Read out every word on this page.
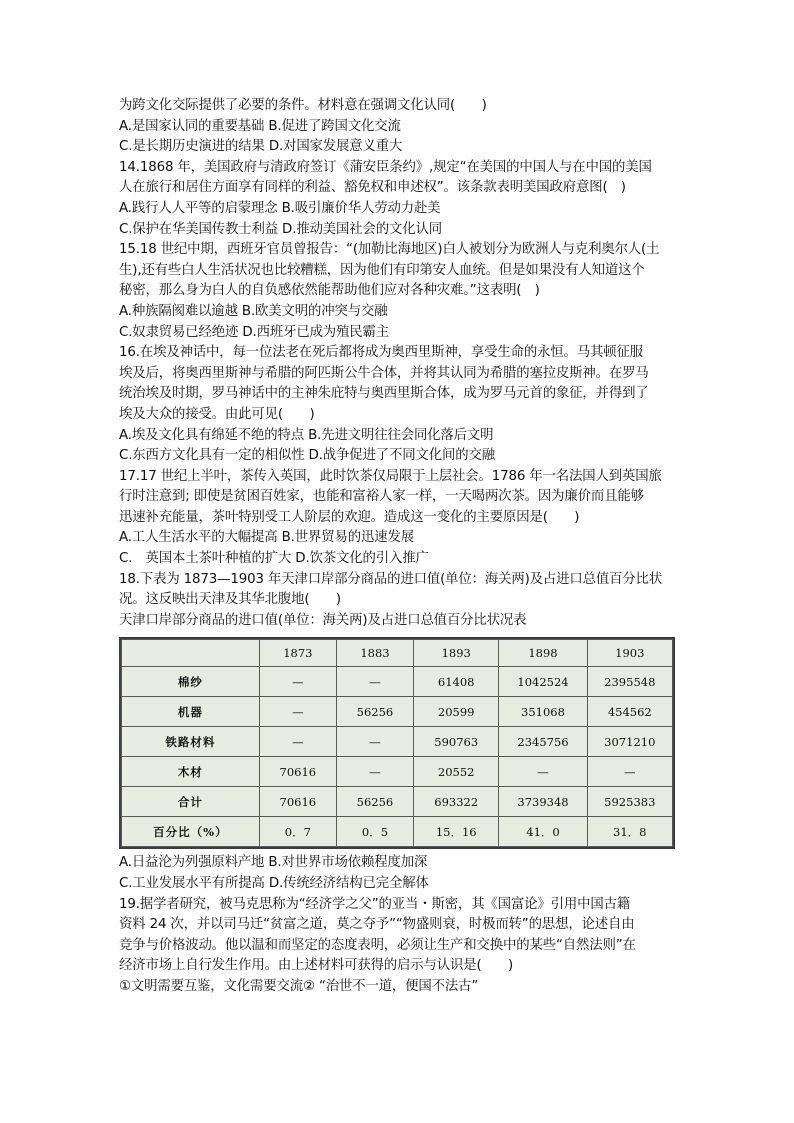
为跨文化交际提供了必要的条件。材料意在强调文化认同(　　)
A.是国家认同的重要基础 B.促进了跨国文化交流
C.是长期历史演进的结果 D.对国家发展意义重大
14.1868 年，美国政府与清政府签订《蒲安臣条约》,规定“在美国的中国人与在中国的美国
人在旅行和居住方面享有同样的利益、豁免权和申述权”。该条款表明美国政府意图(　)
A.践行人人平等的启蒙理念 B.吸引廉价华人劳动力赴美
C.保护在华美国传教士利益 D.推动美国社会的文化认同
15.18 世纪中期，西班牙官员曾报告：“(加勒比海地区)白人被划分为欧洲人与克利奥尔人(土
生),还有些白人生活状况也比较糟糕，因为他们有印第安人血统。但是如果没有人知道这个
秘密，那么身为白人的自负感依然能帮助他们应对各种灾难。”这表明(　)
A.种族隔阂难以逾越 B.欧美文明的冲突与交融
C.奴隶贸易已经绝迹 D.西班牙已成为殖民霸主
16.在埃及神话中，每一位法老在死后都将成为奥西里斯神，享受生命的永恒。马其顿征服
埃及后，将奥西里斯神与希腊的阿匹斯公牛合体，并将其认同为希腊的塞拉皮斯神。在罗马
统治埃及时期，罗马神话中的主神朱庇特与奥西里斯合体，成为罗马元首的象征，并得到了
埃及大众的接受。由此可见(　　)
A.埃及文化具有绵延不绝的特点 B.先进文明往往会同化落后文明
C.东西方文化具有一定的相似性 D.战争促进了不同文化间的交融
17.17 世纪上半叶，茶传入英国，此时饮茶仅局限于上层社会。1786 年一名法国人到英国旅
行时注意到; 即使是贫困百姓家，也能和富裕人家一样，一天喝两次茶。因为廉价而且能够
迅速补充能量，茶叶特别受工人阶层的欢迎。造成这一变化的主要原因是(　　)
A.工人生活水平的大幅提高 B.世界贸易的迅速发展
C.　英国本土茶叶种植的扩大 D.饮茶文化的引入推广
18.下表为 1873—1903 年天津口岸部分商品的进口值(单位：海关两)及占进口总值百分比状
况。这反映出天津及其华北腹地(　　)
天津口岸部分商品的进口值(单位：海关两)及占进口总值百分比状况表
	1873	1883	1893	1898	1903
棉纱	—	—	61408	1042524	2395548
机器	—	56256	20599	351068	454562
铁路材料	—	—	590763	2345756	3071210
木材	70616	—	20552	—	—
合计	70616	56256	693322	3739348	5925383
百分比（%）	0．7	0．5	15．16	41．0	31．8
A.日益沦为列强原料产地 B.对世界市场依赖程度加深
C.工业发展水平有所提高 D.传统经济结构已完全解体
19.据学者研究，被马克思称为“经济学之父”的亚当・斯密，其《国富论》引用中国古籍
资料 24 次，并以司马迁“贫富之道，莫之夺予”“物盛则衰，时极而转”的思想，论述自由
竞争与价格波动。他以温和而坚定的态度表明，必须让生产和交换中的某些“自然法则”在
经济市场上自行发生作用。由上述材料可获得的启示与认识是(　　)
①文明需要互鉴，文化需要交流② “治世不一道，便国不法古”
